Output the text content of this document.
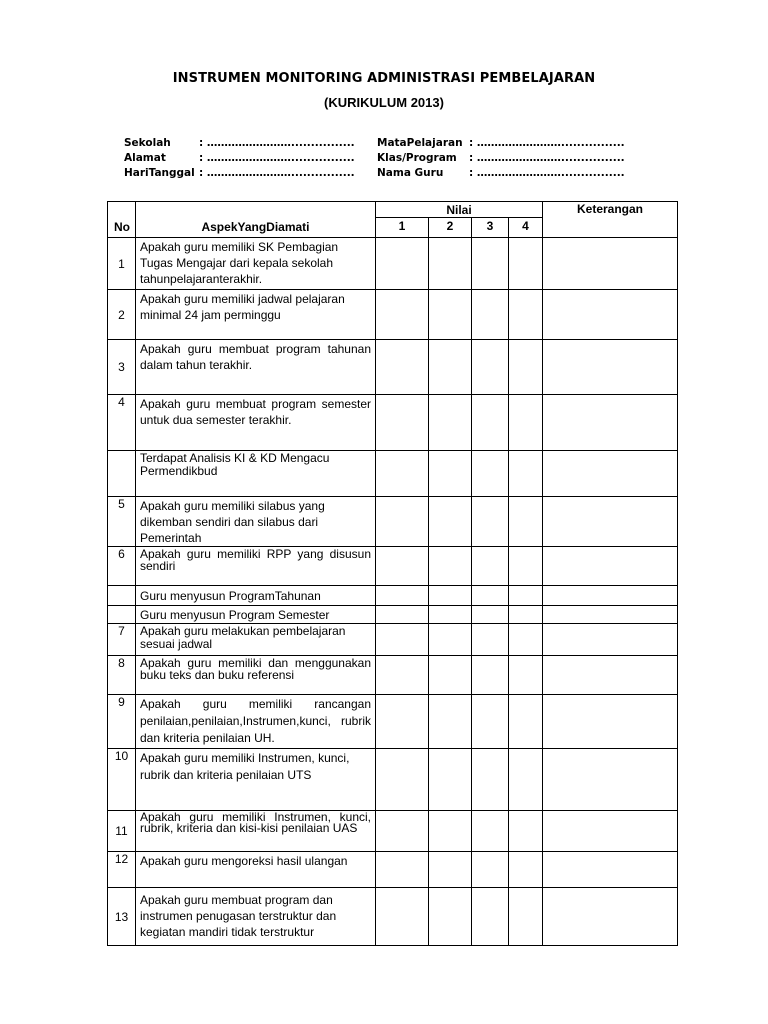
INSTRUMEN MONITORING ADMINISTRASI PEMBELAJARAN
(KURIKULUM 2013)
Sekolah	: ……………………................
Alamat	: ……………………................
HariTanggal : ……………………................
MataPelajaran : ……………………................
Klas/Program	: ……………………................
Nama Guru	: ……………………................
No	AspekYangDiamati	Nilai				Keterangan
		1	2	3	4	
1	Apakah guru memiliki SK Pembagian Tugas Mengajar dari kepala sekolah tahunpelajaranterakhir.					
2	Apakah guru memiliki jadwal pelajaran minimal 24 jam perminggu					
3	Apakah guru membuat program tahunan dalam tahun terakhir.					
4	Apakah guru membuat program semester untuk dua semester terakhir.					
	Terdapat Analisis KI & KD Mengacu Permendikbud					
5	Apakah guru memiliki silabus yang dikemban sendiri dan silabus dari Pemerintah					
6	Apakah guru memiliki RPP yang disusun sendiri					
	Guru menyusun ProgramTahunan					
	Guru menyusun Program Semester					
7	Apakah guru melakukan pembelajaran sesuai jadwal					
8	Apakah guru memiliki dan menggunakan buku teks dan buku referensi					
9	Apakah guru memiliki rancangan penilaian,penilaian,Instrumen,kunci, rubrik dan kriteria penilaian UH.					
10	Apakah guru memiliki Instrumen, kunci, rubrik dan kriteria penilaian UTS					
11	Apakah guru memiliki Instrumen, kunci, rubrik, kriteria dan kisi-kisi penilaian UAS					
12	Apakah guru mengoreksi hasil ulangan					
13	Apakah guru membuat program dan instrumen penugasan terstruktur dan kegiatan mandiri tidak terstruktur					
